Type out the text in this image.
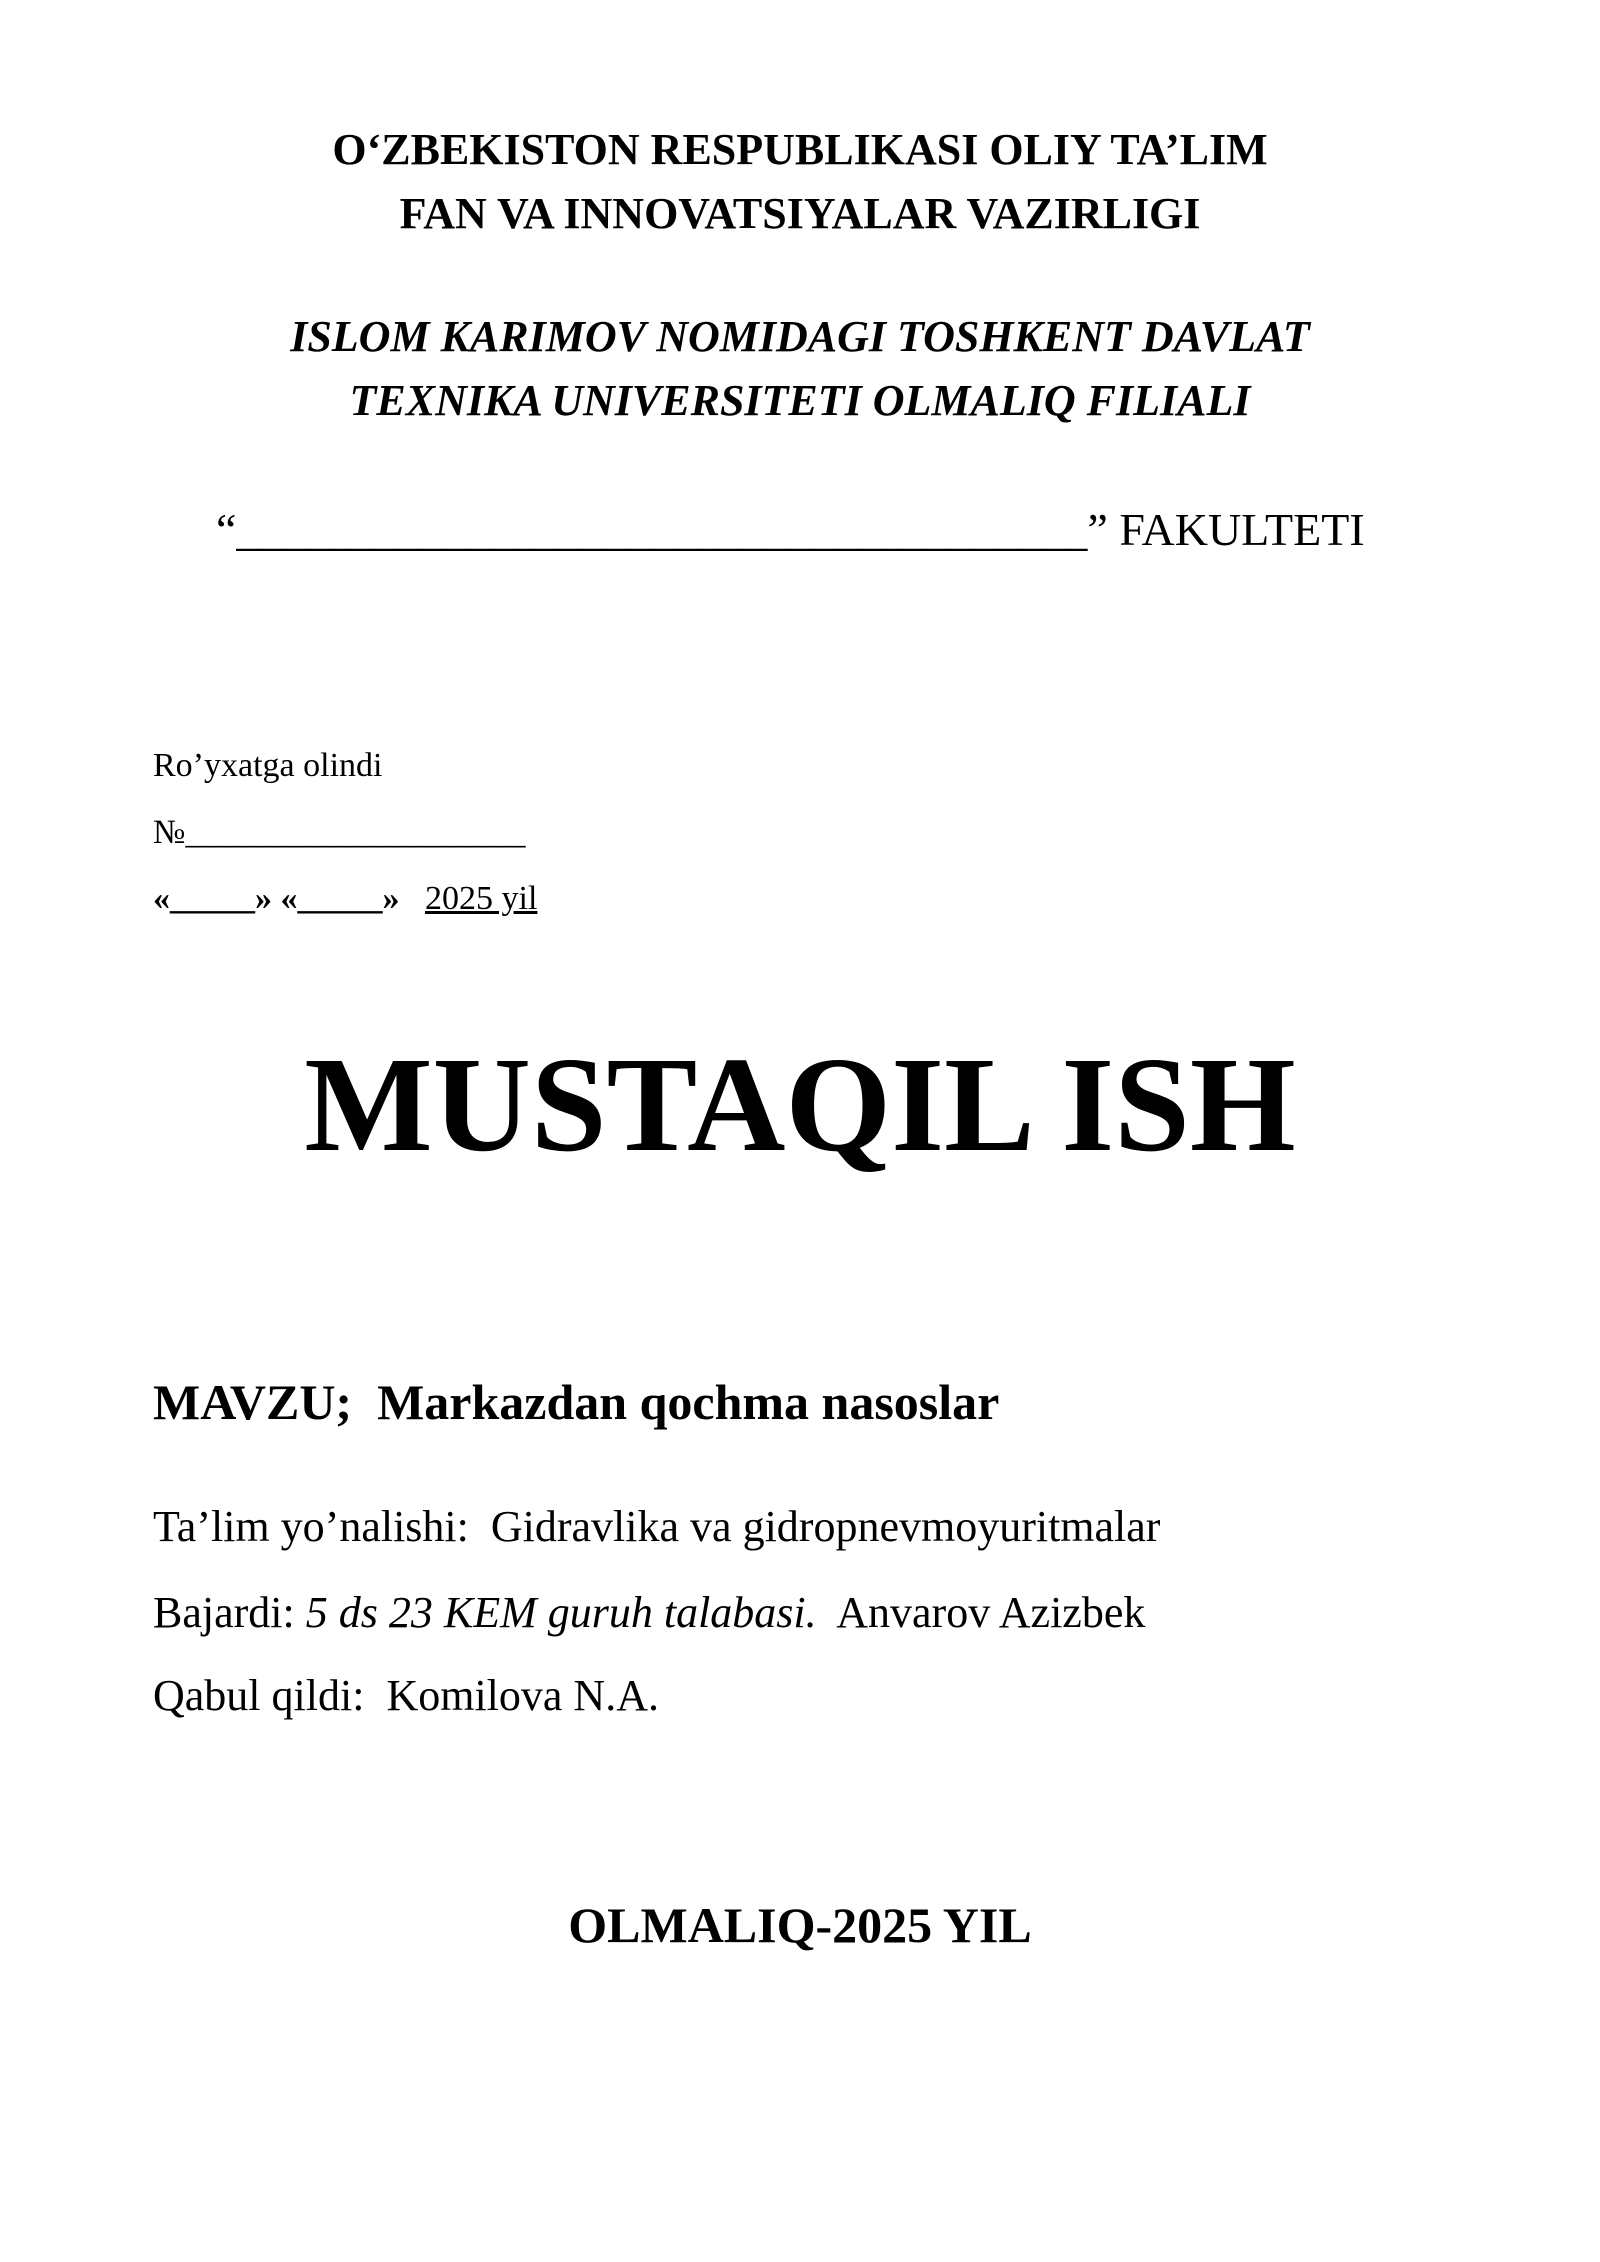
O‘ZBEKISTON RESPUBLIKASI OLIY TA’LIM
FAN VA INNOVATSIYALAR VAZIRLIGI
ISLOM KARIMOV NOMIDAGI TOSHKENT DAVLAT
TEXNIKA UNIVERSITETI OLMALIQ FILIALI
“_____________________________________” FAKULTETI
Ro’yxatga olindi
№____________________
«_____» «_____» 2025 yil
MUSTAQIL ISH
MAVZU; Markazdan qochma nasoslar
Ta’lim yo’nalishi: Gidravlika va gidropnevmoyuritmalar
Bajardi: 5 ds 23 KEM guruh talabasi. Anvarov Azizbek
Qabul qildi: Komilova N.A.
OLMALIQ-2025 YIL
